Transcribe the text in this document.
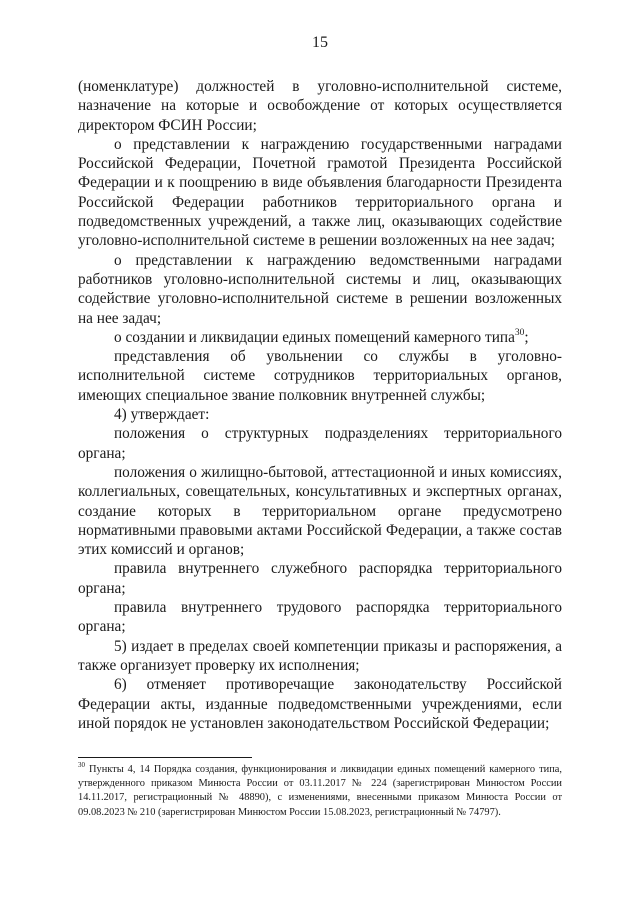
15

(номенклатуре) должностей в уголовно-исполнительной системе, назначение на которые и освобождение от которых осуществляется директором ФСИН России;

о представлении к награждению государственными наградами Российской Федерации, Почетной грамотой Президента Российской Федерации и к поощрению в виде объявления благодарности Президента Российской Федерации работников территориального органа и подведомственных учреждений, а также лиц, оказывающих содействие уголовно-исполнительной системе в решении возложенных на нее задач;

о представлении к награждению ведомственными наградами работников уголовно-исполнительной системы и лиц, оказывающих содействие уголовно-исполнительной системе в решении возложенных на нее задач;

о создании и ликвидации единых помещений камерного типа$^{30}$;

представления об увольнении со службы в уголовно-исполнительной системе сотрудников территориальных органов, имеющих специальное звание полковник внутренней службы;

4) утверждает:

положения о структурных подразделениях территориального органа;

положения о жилищно-бытовой, аттестационной и иных комиссиях, коллегиальных, совещательных, консультативных и экспертных органах, создание которых в территориальном органе предусмотрено нормативными правовыми актами Российской Федерации, а также состав этих комиссий и органов;

правила внутреннего служебного распорядка территориального органа;

правила внутреннего трудового распорядка территориального органа;

5) издает в пределах своей компетенции приказы и распоряжения, а также организует проверку их исполнения;

6) отменяет противоречащие законодательству Российской Федерации акты, изданные подведомственными учреждениями, если иной порядок не установлен законодательством Российской Федерации;

$^{30}$ Пункты 4, 14 Порядка создания, функционирования и ликвидации единых помещений камерного типа, утвержденного приказом Минюста России от 03.11.2017 № 224 (зарегистрирован Минюстом России 14.11.2017, регистрационный № 48890), с изменениями, внесенными приказом Минюста России от 09.08.2023 № 210 (зарегистрирован Минюстом России 15.08.2023, регистрационный № 74797).
